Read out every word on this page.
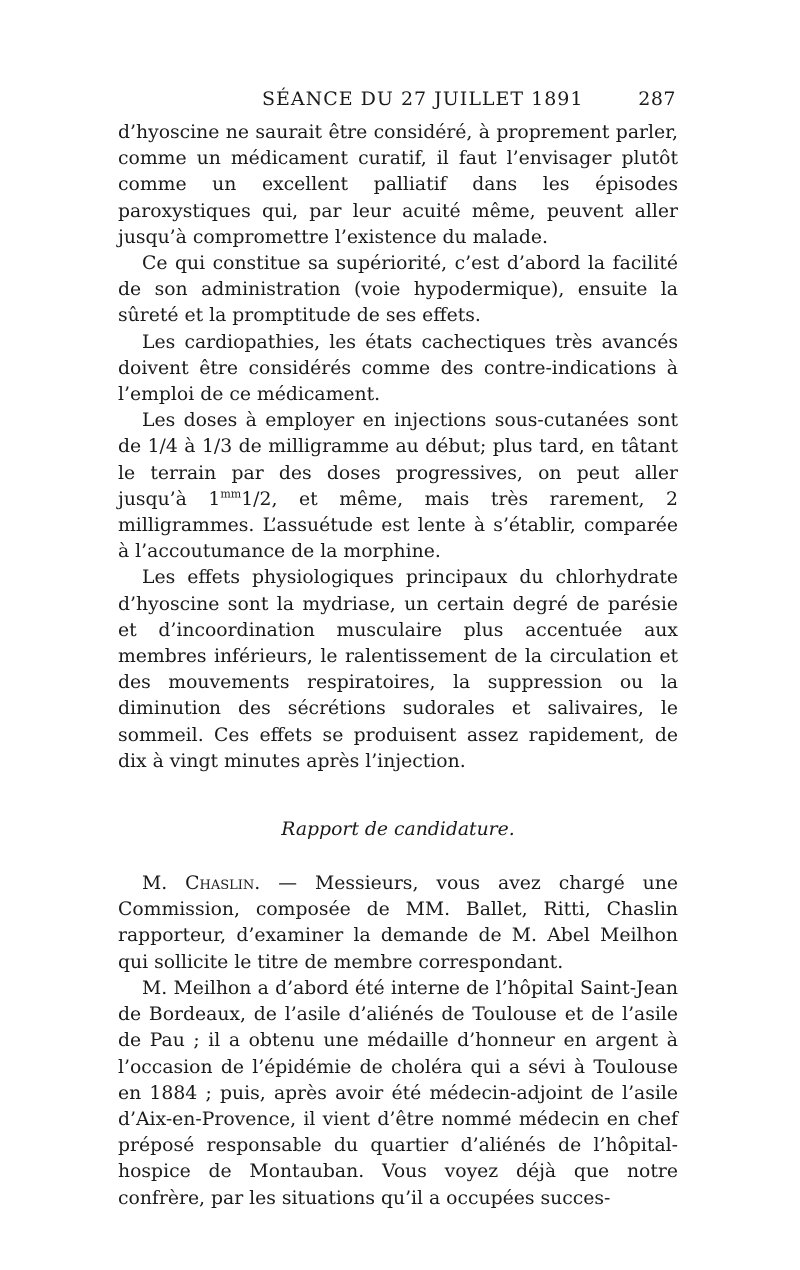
SÉANCE DU 27 JUILLET 1891	287

d’hyoscine ne saurait être considéré, à proprement parler, comme un médicament curatif, il faut l’envisager plutôt comme un excellent palliatif dans les épisodes paroxystiques qui, par leur acuité même, peuvent aller jusqu’à compromettre l’existence du malade.

Ce qui constitue sa supériorité, c’est d’abord la facilité de son administration (voie hypodermique), ensuite la sûreté et la promptitude de ses effets.

Les cardiopathies, les états cachectiques très avancés doivent être considérés comme des contre-indications à l’emploi de ce médicament.

Les doses à employer en injections sous-cutanées sont de 1/4 à 1/3 de milligramme au début; plus tard, en tâtant le terrain par des doses progressives, on peut aller jusqu’à $1^{mm}1/2$, et même, mais très rarement, 2 milligrammes. L’assuétude est lente à s’établir, comparée à l’accoutumance de la morphine.

Les effets physiologiques principaux du chlorhydrate d’hyoscine sont la mydriase, un certain degré de parésie et d’incoordination musculaire plus accentuée aux membres inférieurs, le ralentissement de la circulation et des mouvements respiratoires, la suppression ou la diminution des sécrétions sudorales et salivaires, le sommeil. Ces effets se produisent assez rapidement, de dix à vingt minutes après l’injection.

Rapport de candidature.

M. Chaslin. — Messieurs, vous avez chargé une Commission, composée de MM. Ballet, Ritti, Chaslin rapporteur, d’examiner la demande de M. Abel Meilhon qui sollicite le titre de membre correspondant.

M. Meilhon a d’abord été interne de l’hôpital Saint-Jean de Bordeaux, de l’asile d’aliénés de Toulouse et de l’asile de Pau ; il a obtenu une médaille d’honneur en argent à l’occasion de l’épidémie de choléra qui a sévi à Toulouse en 1884 ; puis, après avoir été médecin-adjoint de l’asile d’Aix-en-Provence, il vient d’être nommé médecin en chef préposé responsable du quartier d’aliénés de l’hôpital-hospice de Montauban. Vous voyez déjà que notre confrère, par les situations qu’il a occupées succes-
